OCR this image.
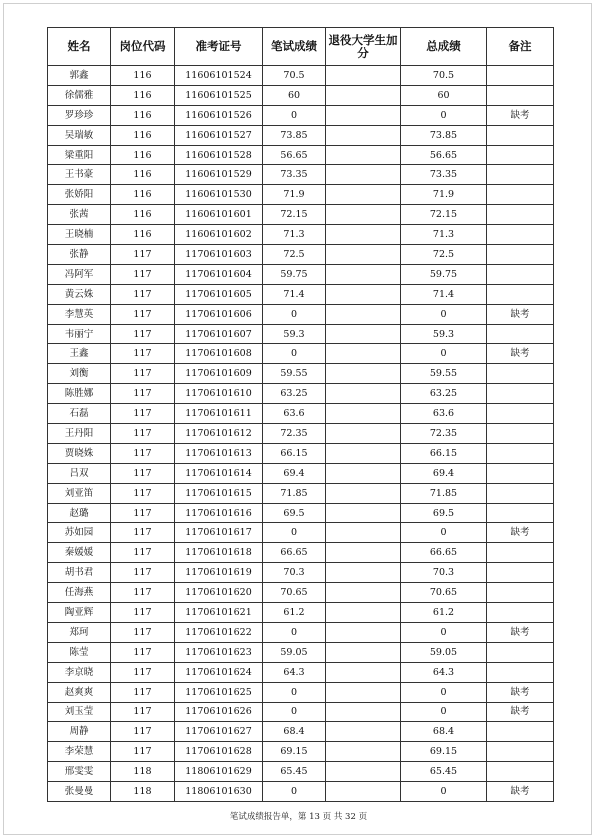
姓名	岗位代码	准考证号	笔试成绩	退役大学生加分	总成绩	备注
郭鑫	116	11606101524	70.5		70.5	
徐儒雅	116	11606101525	60		60	
罗珍珍	116	11606101526	0		0	缺考
吴瑞敏	116	11606101527	73.85		73.85	
梁重阳	116	11606101528	56.65		56.65	
王书豪	116	11606101529	73.35		73.35	
张娇阳	116	11606101530	71.9		71.9	
张茜	116	11606101601	72.15		72.15	
王晓楠	116	11606101602	71.3		71.3	
张静	117	11706101603	72.5		72.5	
冯阿军	117	11706101604	59.75		59.75	
黄云姝	117	11706101605	71.4		71.4	
李慧英	117	11706101606	0		0	缺考
韦丽宁	117	11706101607	59.3		59.3	
王鑫	117	11706101608	0		0	缺考
刘衡	117	11706101609	59.55		59.55	
陈胜娜	117	11706101610	63.25		63.25	
石磊	117	11706101611	63.6		63.6	
王丹阳	117	11706101612	72.35		72.35	
贾晓姝	117	11706101613	66.15		66.15	
吕双	117	11706101614	69.4		69.4	
刘亚笛	117	11706101615	71.85		71.85	
赵璐	117	11706101616	69.5		69.5	
苏如园	117	11706101617	0		0	缺考
秦媛媛	117	11706101618	66.65		66.65	
胡书君	117	11706101619	70.3		70.3	
任海燕	117	11706101620	70.65		70.65	
陶亚辉	117	11706101621	61.2		61.2	
郑珂	117	11706101622	0		0	缺考
陈莹	117	11706101623	59.05		59.05	
李京晓	117	11706101624	64.3		64.3	
赵爽爽	117	11706101625	0		0	缺考
刘玉莹	117	11706101626	0		0	缺考
周静	117	11706101627	68.4		68.4	
李荣慧	117	11706101628	69.15		69.15	
邢雯雯	118	11806101629	65.45		65.45	
张曼曼	118	11806101630	0		0	缺考
笔试成绩报告单，第 13 页 共 32 页
